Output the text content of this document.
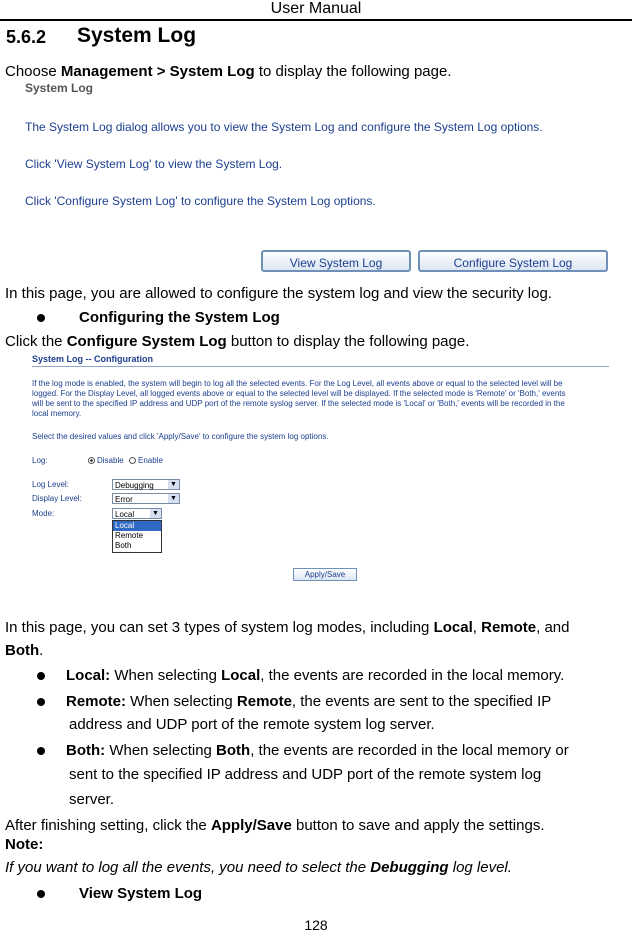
User Manual
5.6.2 System Log
Choose Management > System Log to display the following page.
System Log
The System Log dialog allows you to view the System Log and configure the System Log options.
Click 'View System Log' to view the System Log.
Click 'Configure System Log' to configure the System Log options.
View System Log	Configure System Log
In this page, you are allowed to configure the system log and view the security log.
Configuring the System Log
Click the Configure System Log button to display the following page.
System Log -- Configuration
If the log mode is enabled, the system will begin to log all the selected events. For the Log Level, all events above or equal to the selected level will be
logged. For the Display Level, all logged events above or equal to the selected level will be displayed. If the selected mode is 'Remote' or 'Both,' events
will be sent to the specified IP address and UDP port of the remote syslog server. If the selected mode is 'Local' or 'Both,' events will be recorded in the
local memory.
Select the desired values and click 'Apply/Save' to configure the system log options.
Log:	Disable Enable
Log Level:	Debugging ▼
Display Level:	Error	▼
Mode:	Local	▼
Local
Remote
Both
Apply/Save
In this page, you can set 3 types of system log modes, including Local, Remote, and
Both.
Local: When selecting Local, the events are recorded in the local memory.
Remote: When selecting Remote, the events are sent to the specified IP
address and UDP port of the remote system log server.
Both: When selecting Both, the events are recorded in the local memory or
sent to the specified IP address and UDP port of the remote system log
server.
After finishing setting, click the Apply/Save button to save and apply the settings.
Note:
If you want to log all the events, you need to select the Debugging log level.
View System Log
128
